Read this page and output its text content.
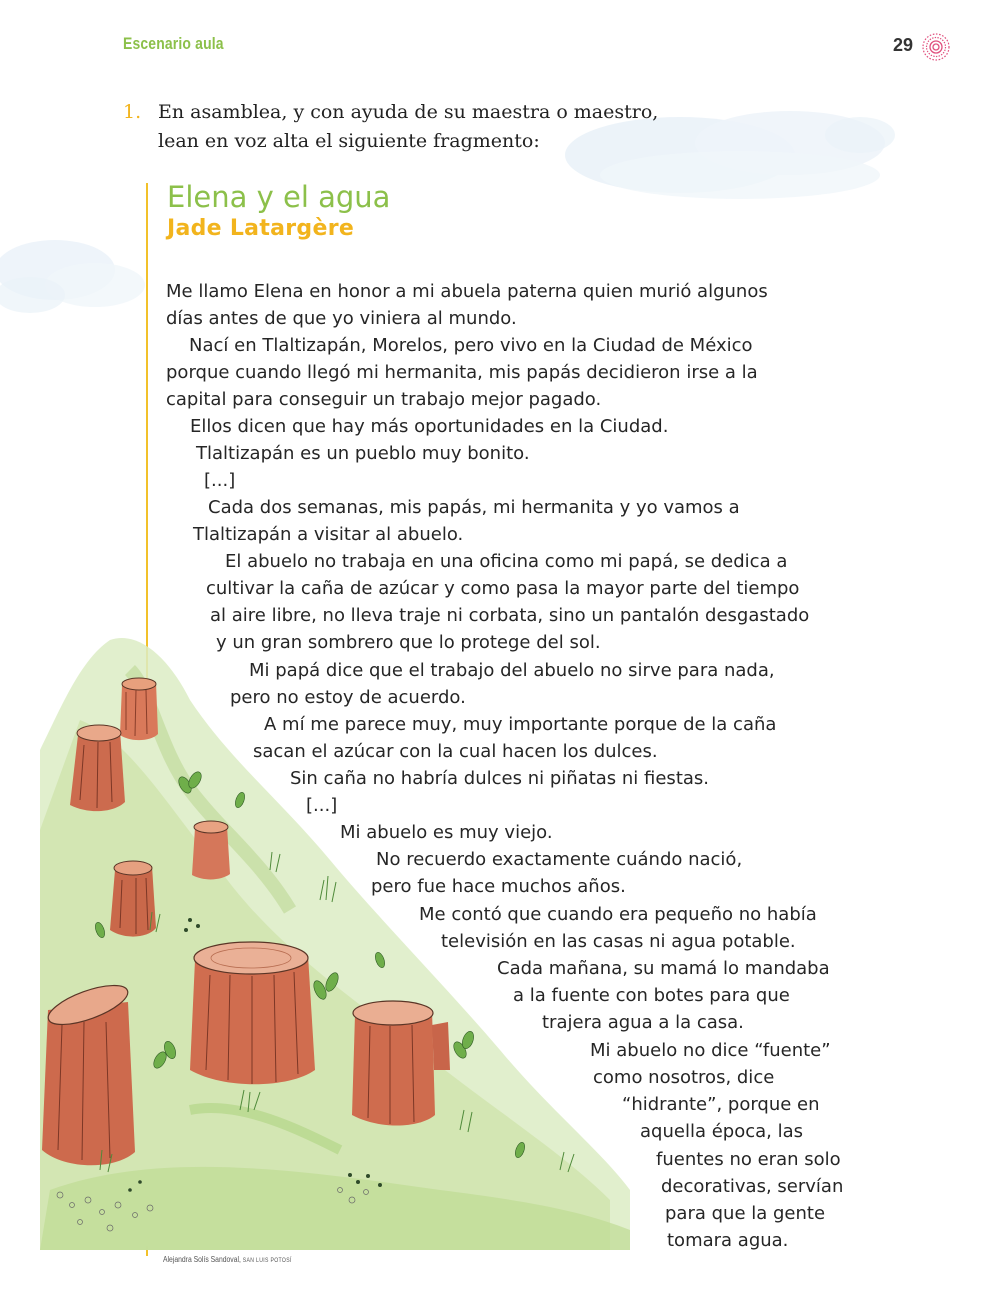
Escenario aula	29
1. En asamblea, y con ayuda de su maestra o maestro,
lean en voz alta el siguiente fragmento:
Elena y el agua
Jade Latargère
Me llamo Elena en honor a mi abuela paterna quien murió algunos
días antes de que yo viniera al mundo.
Nací en Tlaltizapán, Morelos, pero vivo en la Ciudad de México
porque cuando llegó mi hermanita, mis papás decidieron irse a la
capital para conseguir un trabajo mejor pagado.
Ellos dicen que hay más oportunidades en la Ciudad.
Tlaltizapán es un pueblo muy bonito.
[...]
Cada dos semanas, mis papás, mi hermanita y yo vamos a
Tlaltizapán a visitar al abuelo.
El abuelo no trabaja en una oficina como mi papá, se dedica a
cultivar la caña de azúcar y como pasa la mayor parte del tiempo
al aire libre, no lleva traje ni corbata, sino un pantalón desgastado
y un gran sombrero que lo protege del sol.
Mi papá dice que el trabajo del abuelo no sirve para nada,
pero no estoy de acuerdo.
A mí me parece muy, muy importante porque de la caña
sacan el azúcar con la cual hacen los dulces.
Sin caña no habría dulces ni piñatas ni fiestas.
[...]
Mi abuelo es muy viejo.
No recuerdo exactamente cuándo nació,
pero fue hace muchos años.
Me contó que cuando era pequeño no había
televisión en las casas ni agua potable.
Cada mañana, su mamá lo mandaba
a la fuente con botes para que
trajera agua a la casa.
Mi abuelo no dice “fuente”
como nosotros, dice
“hidrante”, porque en
aquella época, las
fuentes no eran solo
decorativas, servían
para que la gente
tomara agua.
Alejandra Solís Sandoval, SAN LUIS POTOSÍ
